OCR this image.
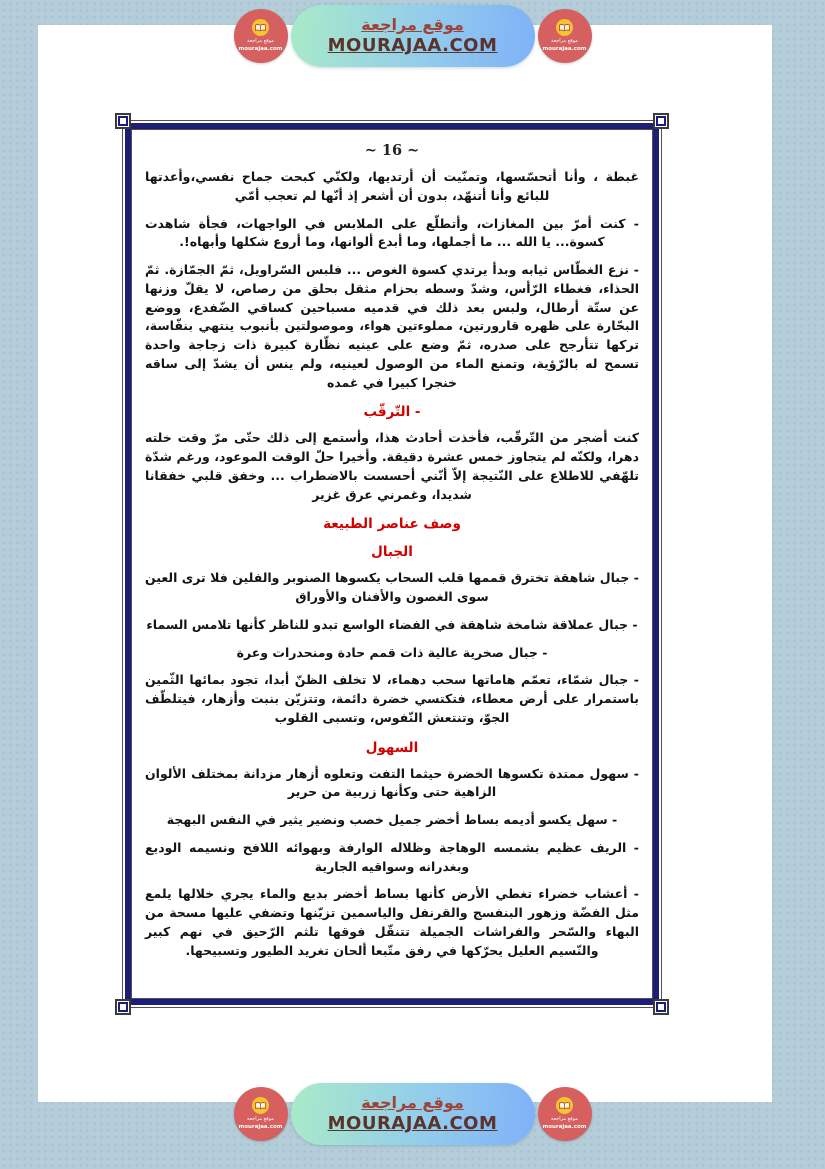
موقع مراجعة
mourajaa.com
موقع مراجعة
MOURAJAA.COM	موقع مراجعة
mourajaa.com
~ 16 ~

غبطة ، وأنا أتحسّسها، وتمنّيت أن أرتديها، ولكنّي كبحت جماح نفسي،وأعدتها للبائع وأنا أتنهّد، بدون أن أشعر إذ أنّها لم تعجب أمّي

- كنت أمرّ بين المغازات، وأتطلّع على الملابس في الواجهات، فجأة شاهدت كسوة... يا الله ... ما أجملها، وما أبدع ألوانها، وما أروع شكلها وأبهاه!.

- نزع الغطّاس ثيابه وبدأ يرتدي كسوة الغوص ... فلبس السّراويل، ثمّ الجمّازة. ثمّ الحذاء، فغطاء الرّأس، وشدّ وسطه بحزام مثقل بحلق من رصاص، لا يقلّ وزنها عن ستّة أرطال، ولبس بعد ذلك في قدميه مسباحين كساقي الضّفدع، ووضع البحّارة على ظهره قارورتين، مملوءتين هواء، وموصولتين بأنبوب ينتهي بنفّاسة، تركها تتأرجح على صدره، ثمّ وضع على عينيه نظّارة كبيرة ذات زجاجة واحدة تسمح له بالرّؤية، وتمنع الماء من الوصول لعينيه، ولم ينس أن يشدّ إلى ساقه خنجرا كبيرا في غمده

- التّرقّب

كنت أضجر من التّرقّب، فأخذت أحادث هذا، وأستمع إلى ذلك حتّى مرّ وقت خلته دهرا، ولكنّه لم يتجاوز خمس عشرة دقيقة. وأخيرا حلّ الوقت الموعود، ورغم شدّة تلهّفي للاطلاع على النّتيجة إلاّ أنّني أحسست بالاضطراب ... وخفق قلبي خفقانا شديدا، وغمرني عرق غزير

وصف عناصر الطبيعة
الجبال

- جبال شاهقة تخترق قممها قلب السحاب يكسوها الصنوبر والفلين فلا ترى العين سوى الغصون والأفنان والأوراق

- جبال عملاقة شامخة شاهقة في الفضاء الواسع تبدو للناظر كأنها تلامس السماء

- جبال صخرية عالية ذات قمم حادة ومنحدرات وعرة

- جبال شمّاء، تعمّم هاماتها سحب دهماء، لا تخلف الظنّ أبدا، تجود بمائها الثّمين باستمرار على أرض معطاء، فتكتسي خضرة دائمة، وتتزيّن بنبت وأزهار، فيتلطّف الجوّ، وتنتعش النّفوس، وتسبى القلوب

السهول

- سهول ممتدة تكسوها الخضرة حيثما التفت وتعلوه أزهار مزدانة بمختلف الألوان الزاهية حتى وكأنها زربية من حرير

- سهل يكسو أديمه بساط أخضر جميل خصب ونضير يثير في النفس البهجة

- الريف عظيم بشمسه الوهاجة وظلاله الوارفة وبهوائه اللافح ونسيمه الوديع وبغدرانه وسواقيه الجارية

- أعشاب خضراء تغطي الأرض كأنها بساط أخضر بديع والماء يجري خلالها يلمع مثل الفضّة وزهور البنفسج والقرنفل والياسمين تزيّنها وتضفي عليها مسحة من البهاء والسّحر والفراشات الجميلة تتنقّل فوقها تلثم الرّحيق في نهم كبير والنّسيم العليل يحرّكها في رفق متّبعا ألحان تغريد الطيور وتسبيحها.

موقع مراجعة
mourajaa.com
موقع مراجعة
MOURAJAA.COM	موقع مراجعة
mourajaa.com
